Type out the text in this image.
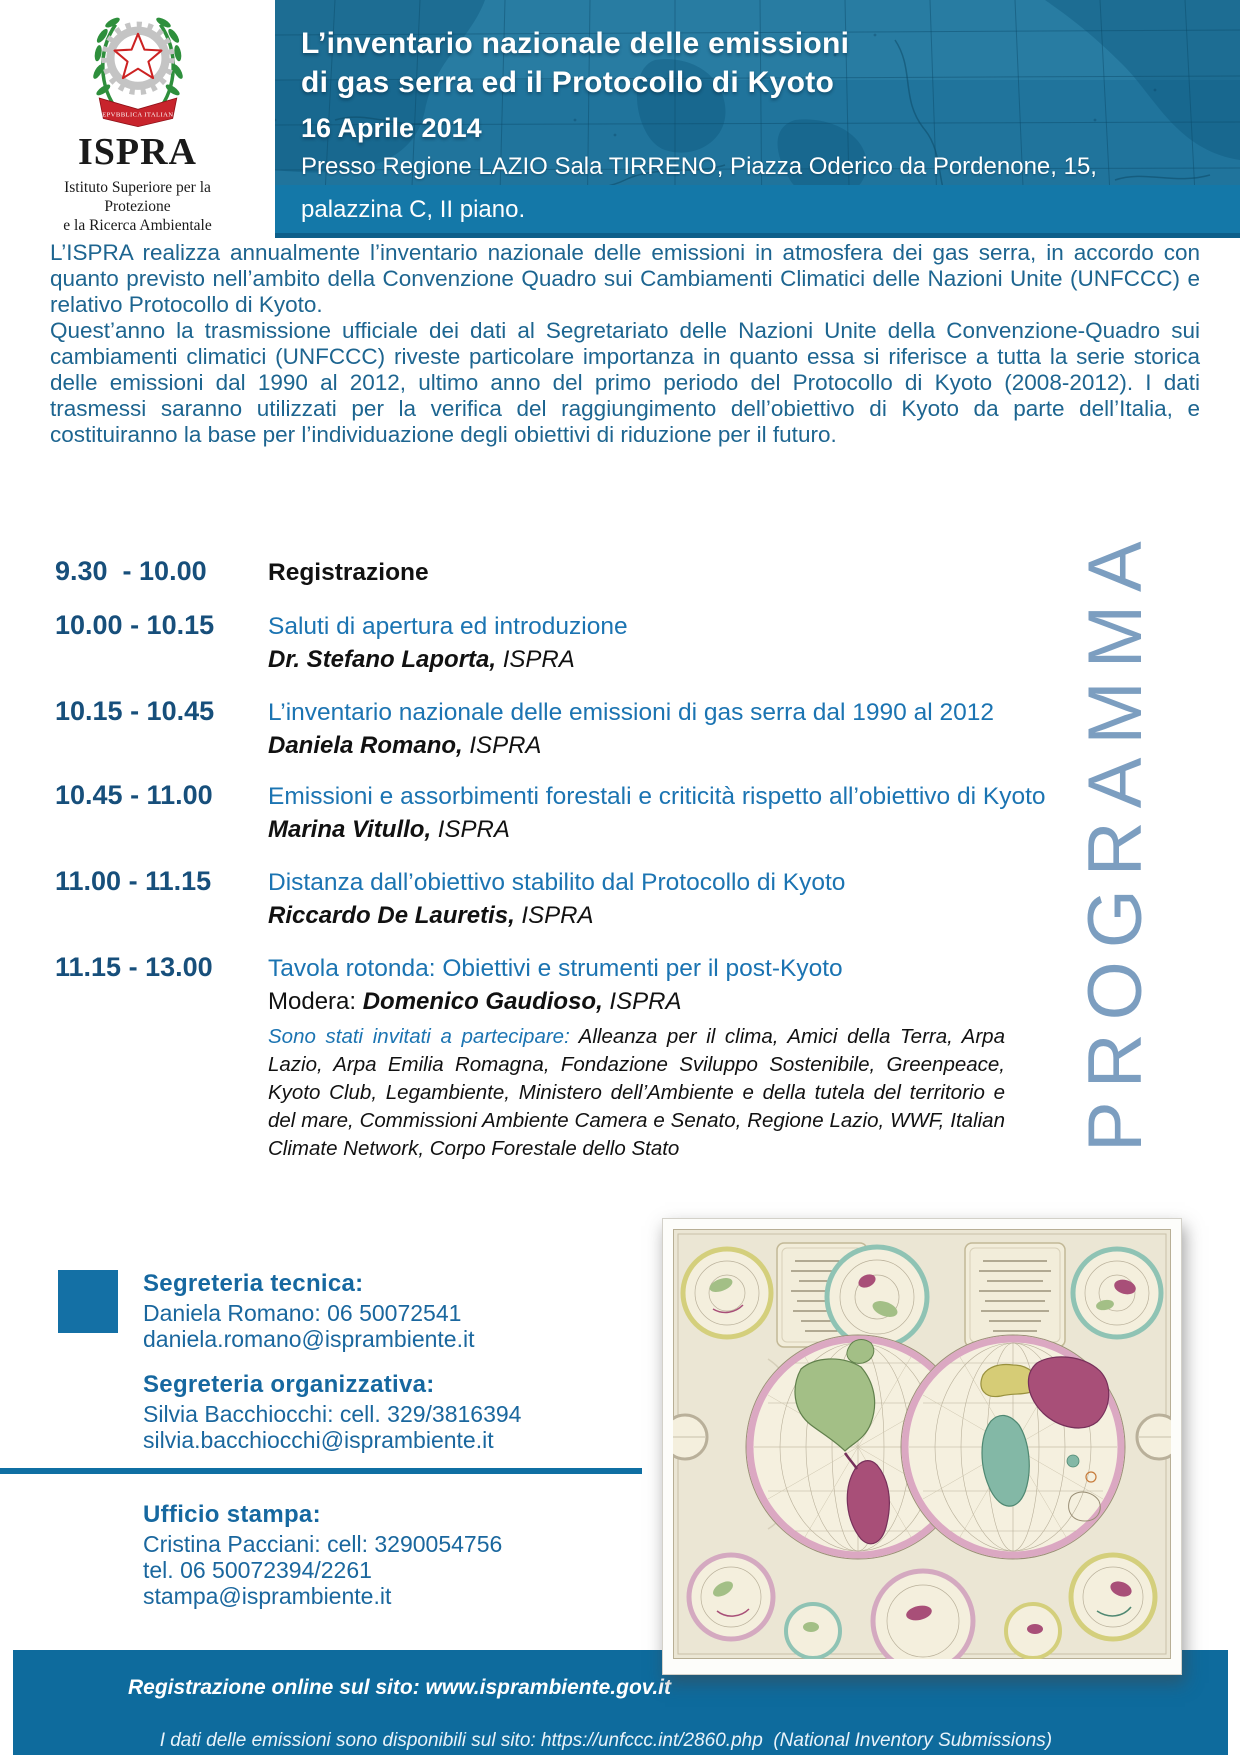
REPVBBLICA ITALIANA
ISPRA
Istituto Superiore per la Protezione
e la Ricerca Ambientale
L’inventario nazionale delle emissioni
di gas serra ed il Protocollo di Kyoto
16 Aprile 2014
Presso Regione LAZIO Sala TIRRENO, Piazza Oderico da Pordenone, 15,
palazzina C, II piano.

L’ISPRA realizza annualmente l’inventario nazionale delle emissioni in atmosfera dei gas serra, in accordo con quanto previsto nell’ambito della Convenzione Quadro sui Cambiamenti Climatici delle Nazioni Unite (UNFCCC) e relativo Protocollo di Kyoto.

Quest’anno la trasmissione ufficiale dei dati al Segretariato delle Nazioni Unite della Convenzione-Quadro sui cambiamenti climatici (UNFCCC) riveste particolare importanza in quanto essa si riferisce a tutta la serie storica delle emissioni dal 1990 al 2012, ultimo anno del primo periodo del Protocollo di Kyoto (2008-2012). I dati trasmessi saranno utilizzati per la verifica del raggiungimento dell’obiettivo di Kyoto da parte dell’Italia, e costituiranno la base per l’individuazione degli obiettivi di riduzione per il futuro.

9.30  - 10.00	Registrazione
10.00 - 10.15	Saluti di apertura ed introduzione
Dr. Stefano Laporta, ISPRA
10.15 - 10.45	L’inventario nazionale delle emissioni di gas serra dal 1990 al 2012
Daniela Romano, ISPRA
10.45 - 11.00	Emissioni e assorbimenti forestali e criticità rispetto all’obiettivo di Kyoto
Marina Vitullo, ISPRA
11.00 - 11.15	Distanza dall’obiettivo stabilito dal Protocollo di Kyoto
Riccardo De Lauretis, ISPRA
11.15 - 13.00	Tavola rotonda: Obiettivi e strumenti per il post-Kyoto
Modera: Domenico Gaudioso, ISPRA
Sono stati invitati a partecipare: Alleanza per il clima, Amici della Terra, Arpa Lazio, Arpa Emilia Romagna, Fondazione Sviluppo Sostenibile, Greenpeace, Kyoto Club, Legambiente, Ministero dell’Ambiente e della tutela del territorio e del mare, Commissioni Ambiente Camera e Senato, Regione Lazio, WWF, Italian Climate Network, Corpo Forestale dello Stato	PROGRAMMA
Segreteria tecnica:
Daniela Romano: 06 50072541
daniela.romano@isprambiente.it
Segreteria organizzativa:
Silvia Bacchiocchi: cell. 329/3816394
silvia.bacchiocchi@isprambiente.it
Ufficio stampa:
Cristina Pacciani: cell: 3290054756
tel. 06 50072394/2261
stampa@isprambiente.it
Registrazione online sul sito: www.isprambiente.gov.it

I dati delle emissioni sono disponibili sul sito: https://unfccc.int/2860.php  (National Inventory Submissions)
